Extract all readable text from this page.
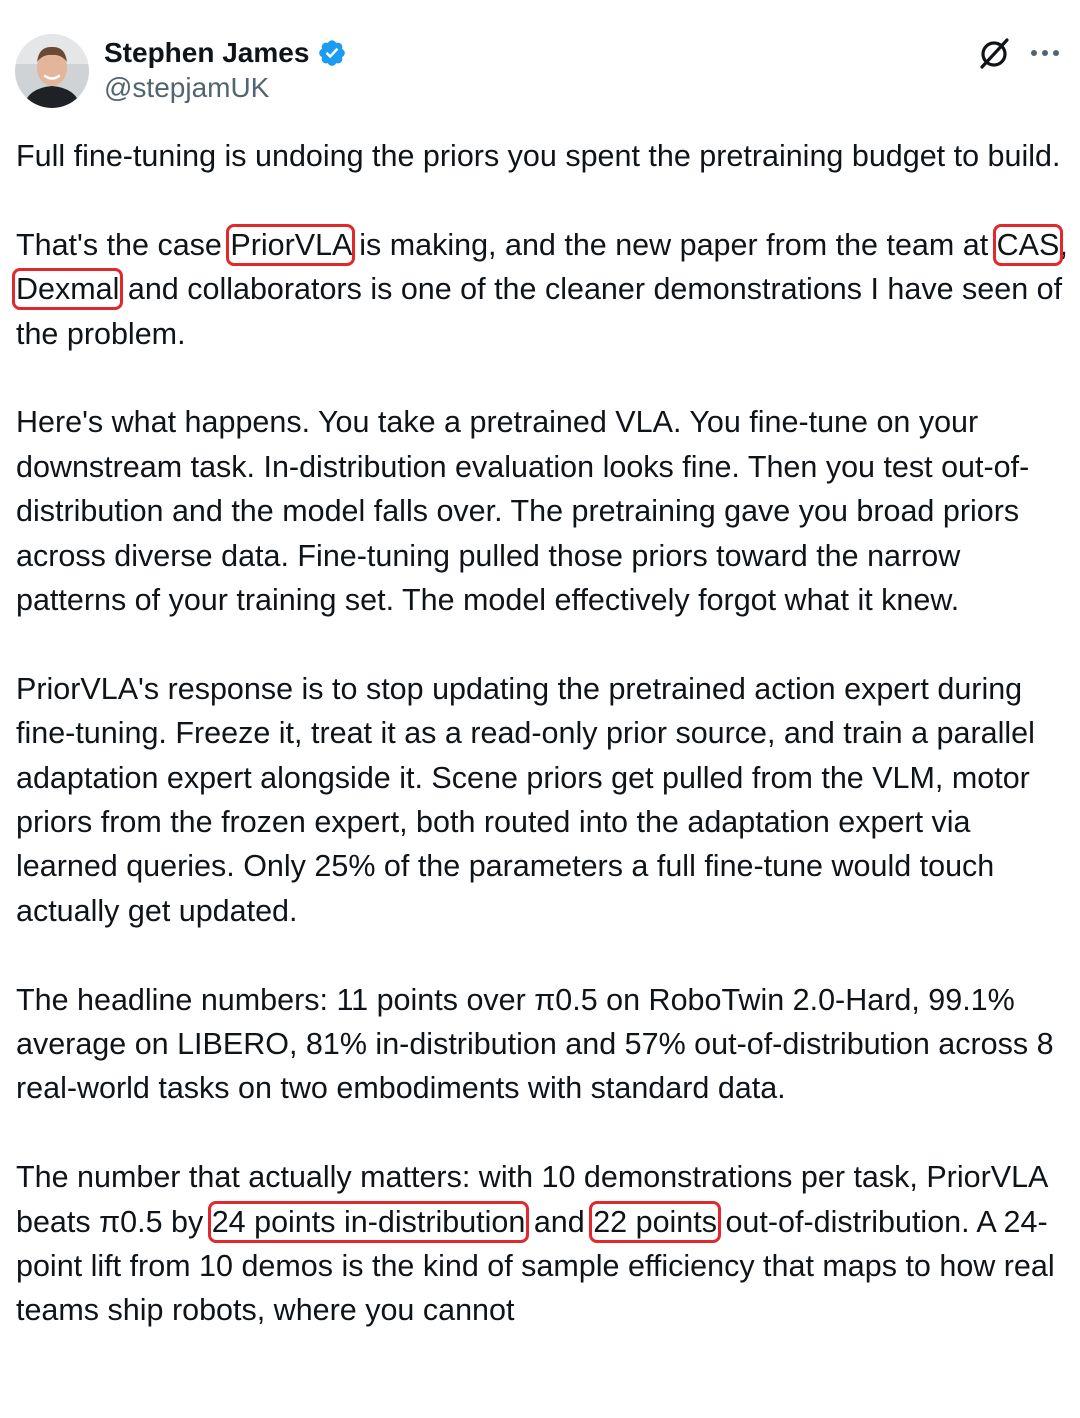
Stephen James
@stepjamUK

Full fine-tuning is undoing the priors you spent the pretraining budget to build.

That's the case PriorVLA is making, and the new paper from the team at CAS, Dexmal and collaborators is one of the cleaner demonstrations I have seen of the problem.

Here's what happens. You take a pretrained VLA. You fine-tune on your downstream task. In-distribution evaluation looks fine. Then you test out-of-distribution and the model falls over. The pretraining gave you broad priors across diverse data. Fine-tuning pulled those priors toward the narrow patterns of your training set. The model effectively forgot what it knew.

PriorVLA's response is to stop updating the pretrained action expert during fine-tuning. Freeze it, treat it as a read-only prior source, and train a parallel adaptation expert alongside it. Scene priors get pulled from the VLM, motor priors from the frozen expert, both routed into the adaptation expert via learned queries. Only 25% of the parameters a full fine-tune would touch actually get updated.

The headline numbers: 11 points over π0.5 on RoboTwin 2.0-Hard, 99.1% average on LIBERO, 81% in-distribution and 57% out-of-distribution across 8 real-world tasks on two embodiments with standard data.

The number that actually matters: with 10 demonstrations per task, PriorVLA beats π0.5 by 24 points in-distribution and 22 points out-of-distribution. A 24-point lift from 10 demos is the kind of sample efficiency that maps to how real teams ship robots, where you cannot
